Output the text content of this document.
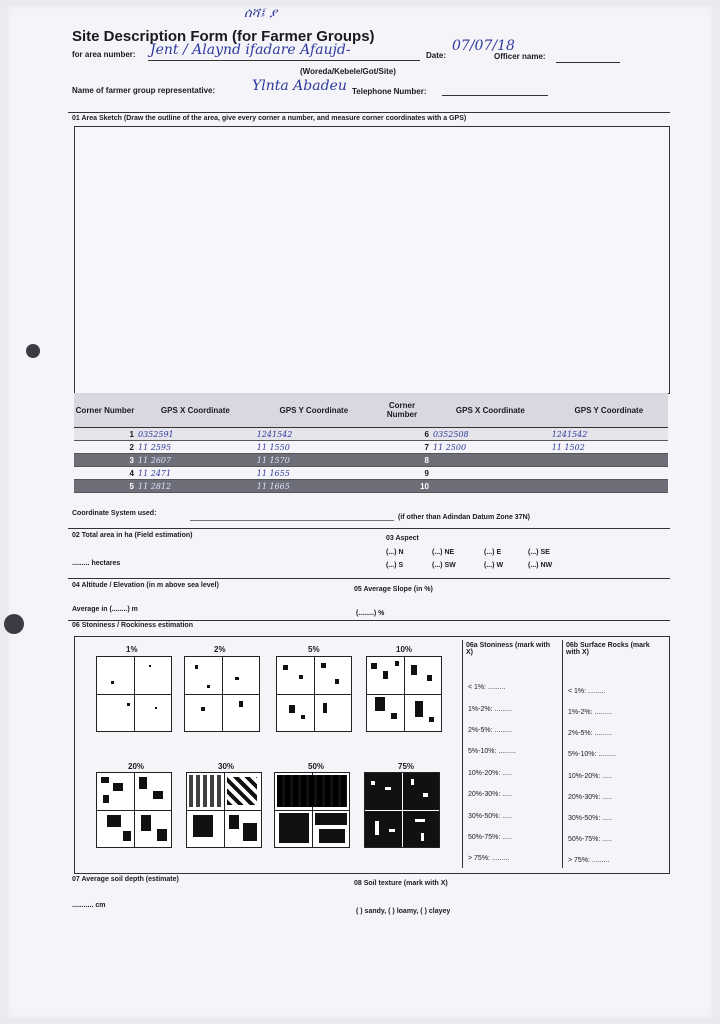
ሰሻ፤ ያ
Site Description Form (for Farmer Groups)
for area number: Jent / Alaynd ifadare Afaujd-
(Woreda/Kebele/Got/Site)
Date:
07/07/18
Officer name:
Name of farmer group representative:	Ylnta Abadeu Telephone Number:
01 Area Sketch (Draw the outline of the area, give every corner a number, and measure corner coordinates with a GPS)
Corner Number	GPS X Coordinate	GPS Y Coordinate	Corner Number	GPS X Coordinate	GPS Y Coordinate
1	0352591	1241542	6	0352508	1241542
2	11 2595	11 1550	7	11 2500	11 1502
3	11 2607	11 1570	8		
4	11 2471	11 1655	9		
5	11 2812	11 1665	10		
Coordinate System used:
(if other than Adindan Datum Zone 37N)
02 Total area in ha (Field estimation)
......... hectares
03 Aspect
(...) N	(...) NE	(...) E	(...) SE
(...) S	(...) SW	(...) W	(...) NW
04 Altitude / Elevation (in m above sea level)
Average in (........) m
05 Average Slope (in %)
(........) %
06 Stoniness / Rockiness estimation
1%	2%	5%	10%
20%	30%	50%	75%
06a Stoniness (mark with X)
06b Surface Rocks (mark with X)
< 1%: .........
1%-2%: .........
2%-5%: .........
5%-10%: .........
10%-20%: .....
20%-30%: .....
30%-50%: .....
50%-75%: .....
> 75%: .........
< 1%: .........
1%-2%: .........
2%-5%: .........
5%-10%: .........
10%-20%: .....
20%-30%: .....
30%-50%: .....
50%-75%: .....
> 75%: .........
07 Average soil depth (estimate)
........... cm
08 Soil texture (mark with X)
( ) sandy, ( ) loamy, ( ) clayey
